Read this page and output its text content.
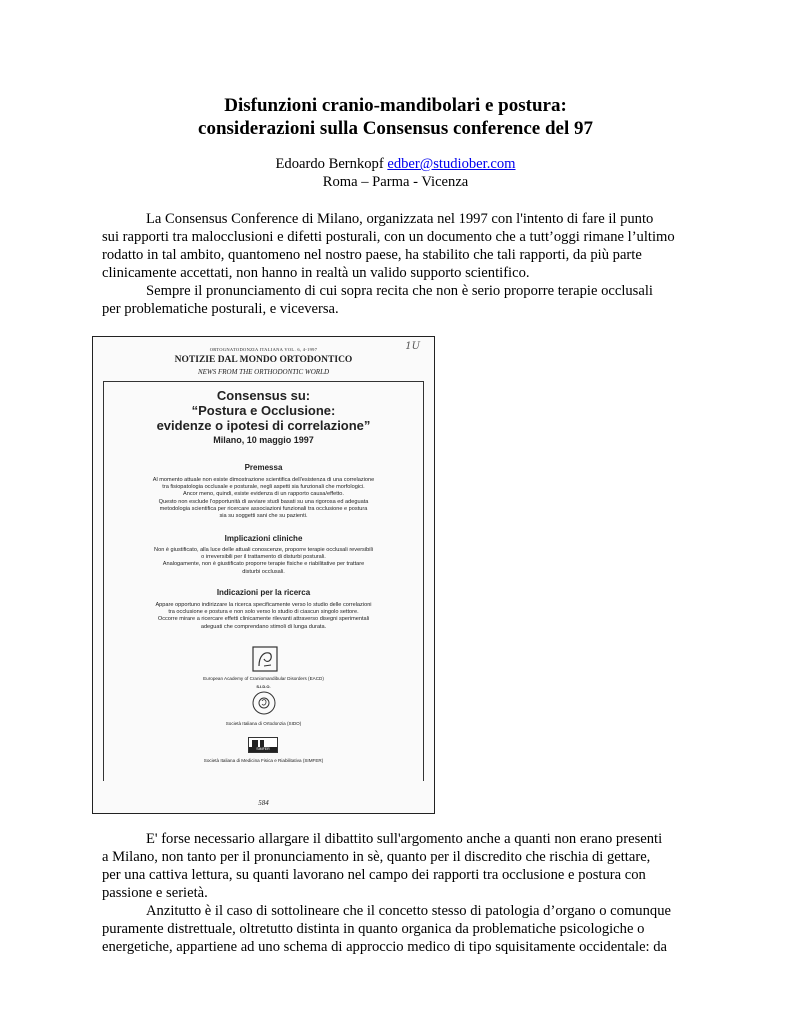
Disfunzioni cranio-mandibolari e postura:
considerazioni sulla Consensus conference del 97
Edoardo Bernkopf edber@studiober.com
Roma – Parma - Vicenza

La Consensus Conference di Milano, organizzata nel 1997 con l'intento di fare il punto

sui rapporti tra malocclusioni e difetti posturali, con un documento che a tutt’oggi rimane l’ultimo

rodatto in tal ambito, quantomeno nel nostro paese, ha stabilito che tali rapporti, da più parte

clinicamente accettati, non hanno in realtà un valido supporto scientifico.

Sempre il pronunciamento di cui sopra recita che non è serio proporre terapie occlusali

per problematiche posturali, e viceversa.

ORTOGNATODONZIA ITALIANA VOL. 6, 4-1997	1U
NOTIZIE DAL MONDO ORTODONTICO
NEWS FROM THE ORTHODONTIC WORLD
Consensus su:
“Postura e Occlusione:
evidenze o ipotesi di correlazione”
Milano, 10 maggio 1997
Premessa
Al momento attuale non esiste dimostrazione scientifica dell'esistenza di una correlazione
tra fisiopatologia occlusale e posturale, negli aspetti sia funzionali che morfologici.
Ancor meno, quindi, esiste evidenza di un rapporto causa/effetto.
Questo non esclude l'opportunità di avviare studi basati su una rigorosa ed adeguata
metodologia scientifica per ricercare associazioni funzionali tra occlusione e postura
sia su soggetti sani che su pazienti.
Implicazioni cliniche
Non è giustificato, alla luce delle attuali conoscenze, proporre terapie occlusali reversibili
o irreversibili per il trattamento di disturbi posturali.
Analogamente, non è giustificato proporre terapie fisiche e riabilitative per trattare
disturbi occlusali.
Indicazioni per la ricerca
Appare opportuno indirizzare la ricerca specificamente verso lo studio delle correlazioni
tra occlusione e postura e non solo verso lo studio di ciascun singolo settore.
Occorre mirare a ricercare effetti clinicamente rilevanti attraverso disegni sperimentali
adeguati che comprendano stimoli di lunga durata.
European Academy of Craniomandibular Disorders (EACD)
S.I.D.O.
Società Italiana di Ortodonzia (SIDO)
SIMFER
Società Italiana di Medicina Fisica e Riabilitativa (SIMFER)
584

E' forse necessario allargare il dibattito sull'argomento anche a quanti non erano presenti

a Milano, non tanto per il pronunciamento in sè, quanto per il discredito che rischia di gettare,

per una cattiva lettura, su quanti lavorano nel campo dei rapporti tra occlusione e postura con

passione e serietà.

Anzitutto è il caso di sottolineare che il concetto stesso di patologia d’organo o comunque

puramente distrettuale, oltretutto distinta in quanto organica da problematiche psicologiche o

energetiche, appartiene ad uno schema di approccio medico di tipo squisitamente occidentale: da
